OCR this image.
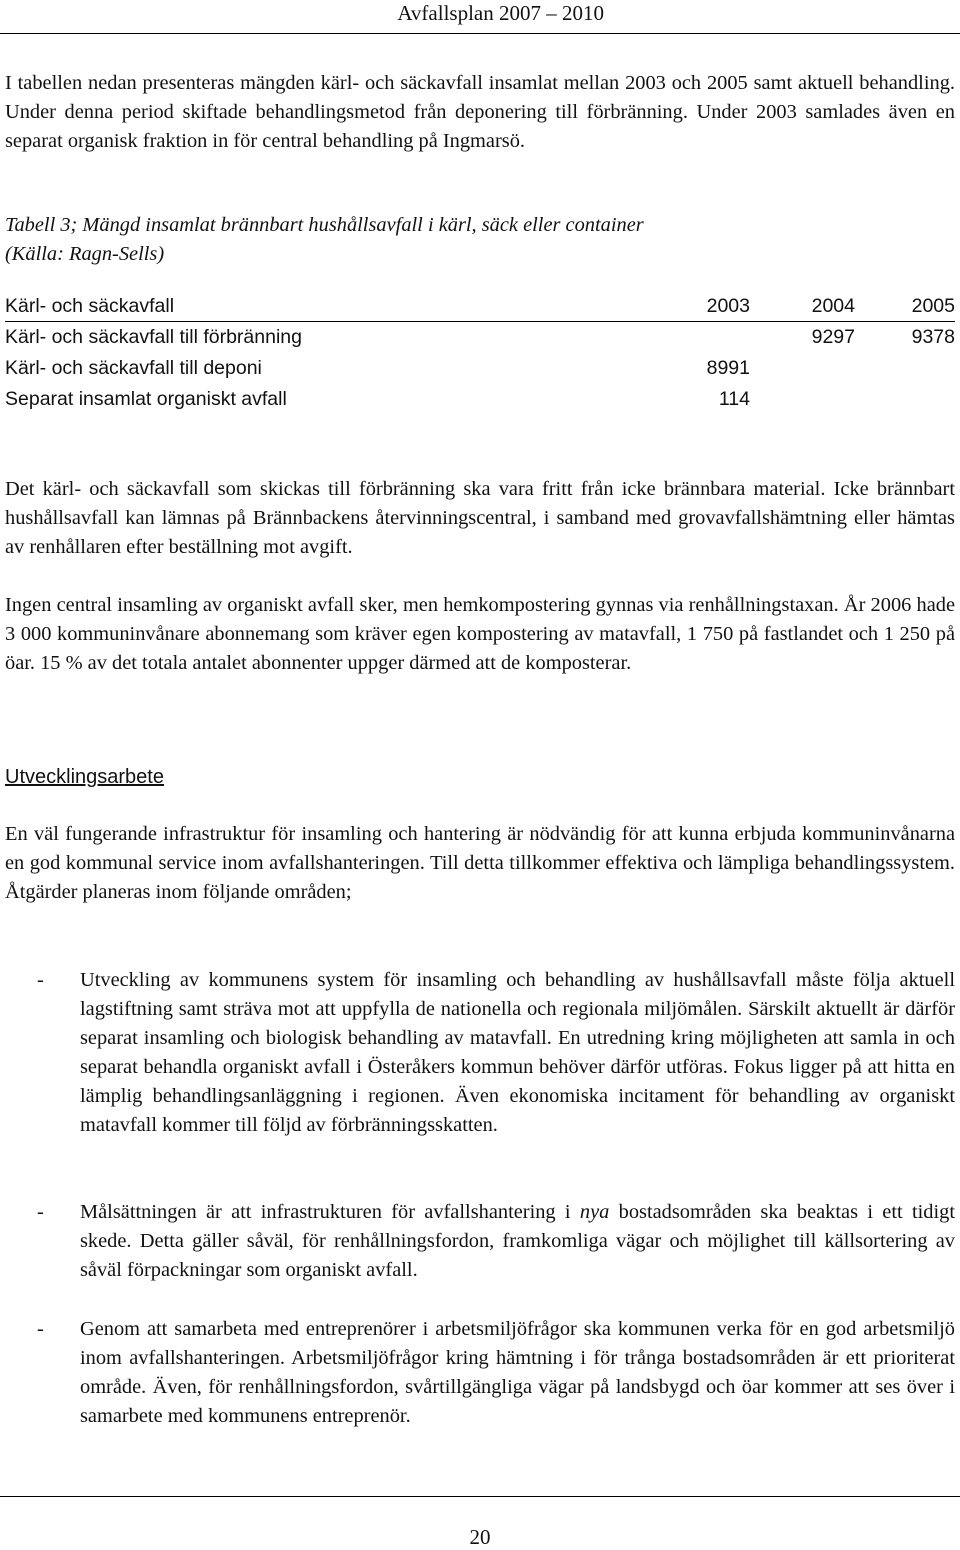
Avfallsplan 2007 – 2010

I tabellen nedan presenteras mängden kärl- och säckavfall insamlat mellan 2003 och 2005 samt aktuell behandling. Under denna period skiftade behandlingsmetod från deponering till förbränning. Under 2003 samlades även en separat organisk fraktion in för central behandling på Ingmarsö.

Tabell 3; Mängd insamlat brännbart hushållsavfall i kärl, säck eller container
(Källa: Ragn-Sells)
Kärl- och säckavfall	2003	2004	2005
Kärl- och säckavfall till förbränning		9297	9378
Kärl- och säckavfall till deponi	8991		
Separat insamlat organiskt avfall	114		

Det kärl- och säckavfall som skickas till förbränning ska vara fritt från icke brännbara material. Icke brännbart hushållsavfall kan lämnas på Brännbackens återvinningscentral, i samband med grovavfallshämtning eller hämtas av renhållaren efter beställning mot avgift.

Ingen central insamling av organiskt avfall sker, men hemkompostering gynnas via renhållningstaxan. År 2006 hade 3 000 kommuninvånare abonnemang som kräver egen kompostering av matavfall, 1 750 på fastlandet och 1 250 på öar. 15 % av det totala antalet abonnenter uppger därmed att de komposterar.

Utvecklingsarbete

En väl fungerande infrastruktur för insamling och hantering är nödvändig för att kunna erbjuda kommuninvånarna en god kommunal service inom avfallshanteringen. Till detta tillkommer effektiva och lämpliga behandlingssystem. Åtgärder planeras inom följande områden;

- Utveckling av kommunens system för insamling och behandling av hushållsavfall måste följa aktuell lagstiftning samt sträva mot att uppfylla de nationella och regionala miljömålen. Särskilt aktuellt är därför separat insamling och biologisk behandling av matavfall. En utredning kring möjligheten att samla in och separat behandla organiskt avfall i Österåkers kommun behöver därför utföras. Fokus ligger på att hitta en lämplig behandlingsanläggning i regionen. Även ekonomiska incitament för behandling av organiskt matavfall kommer till följd av förbränningsskatten.
- Målsättningen är att infrastrukturen för avfallshantering i nya bostadsområden ska beaktas i ett tidigt skede. Detta gäller såväl, för renhållningsfordon, framkomliga vägar och möjlighet till källsortering av såväl förpackningar som organiskt avfall.
- Genom att samarbeta med entreprenörer i arbetsmiljöfrågor ska kommunen verka för en god arbetsmiljö inom avfallshanteringen. Arbetsmiljöfrågor kring hämtning i för trånga bostadsområden är ett prioriterat område. Även, för renhållningsfordon, svårtillgängliga vägar på landsbygd och öar kommer att ses över i samarbete med kommunens entreprenör.
20
